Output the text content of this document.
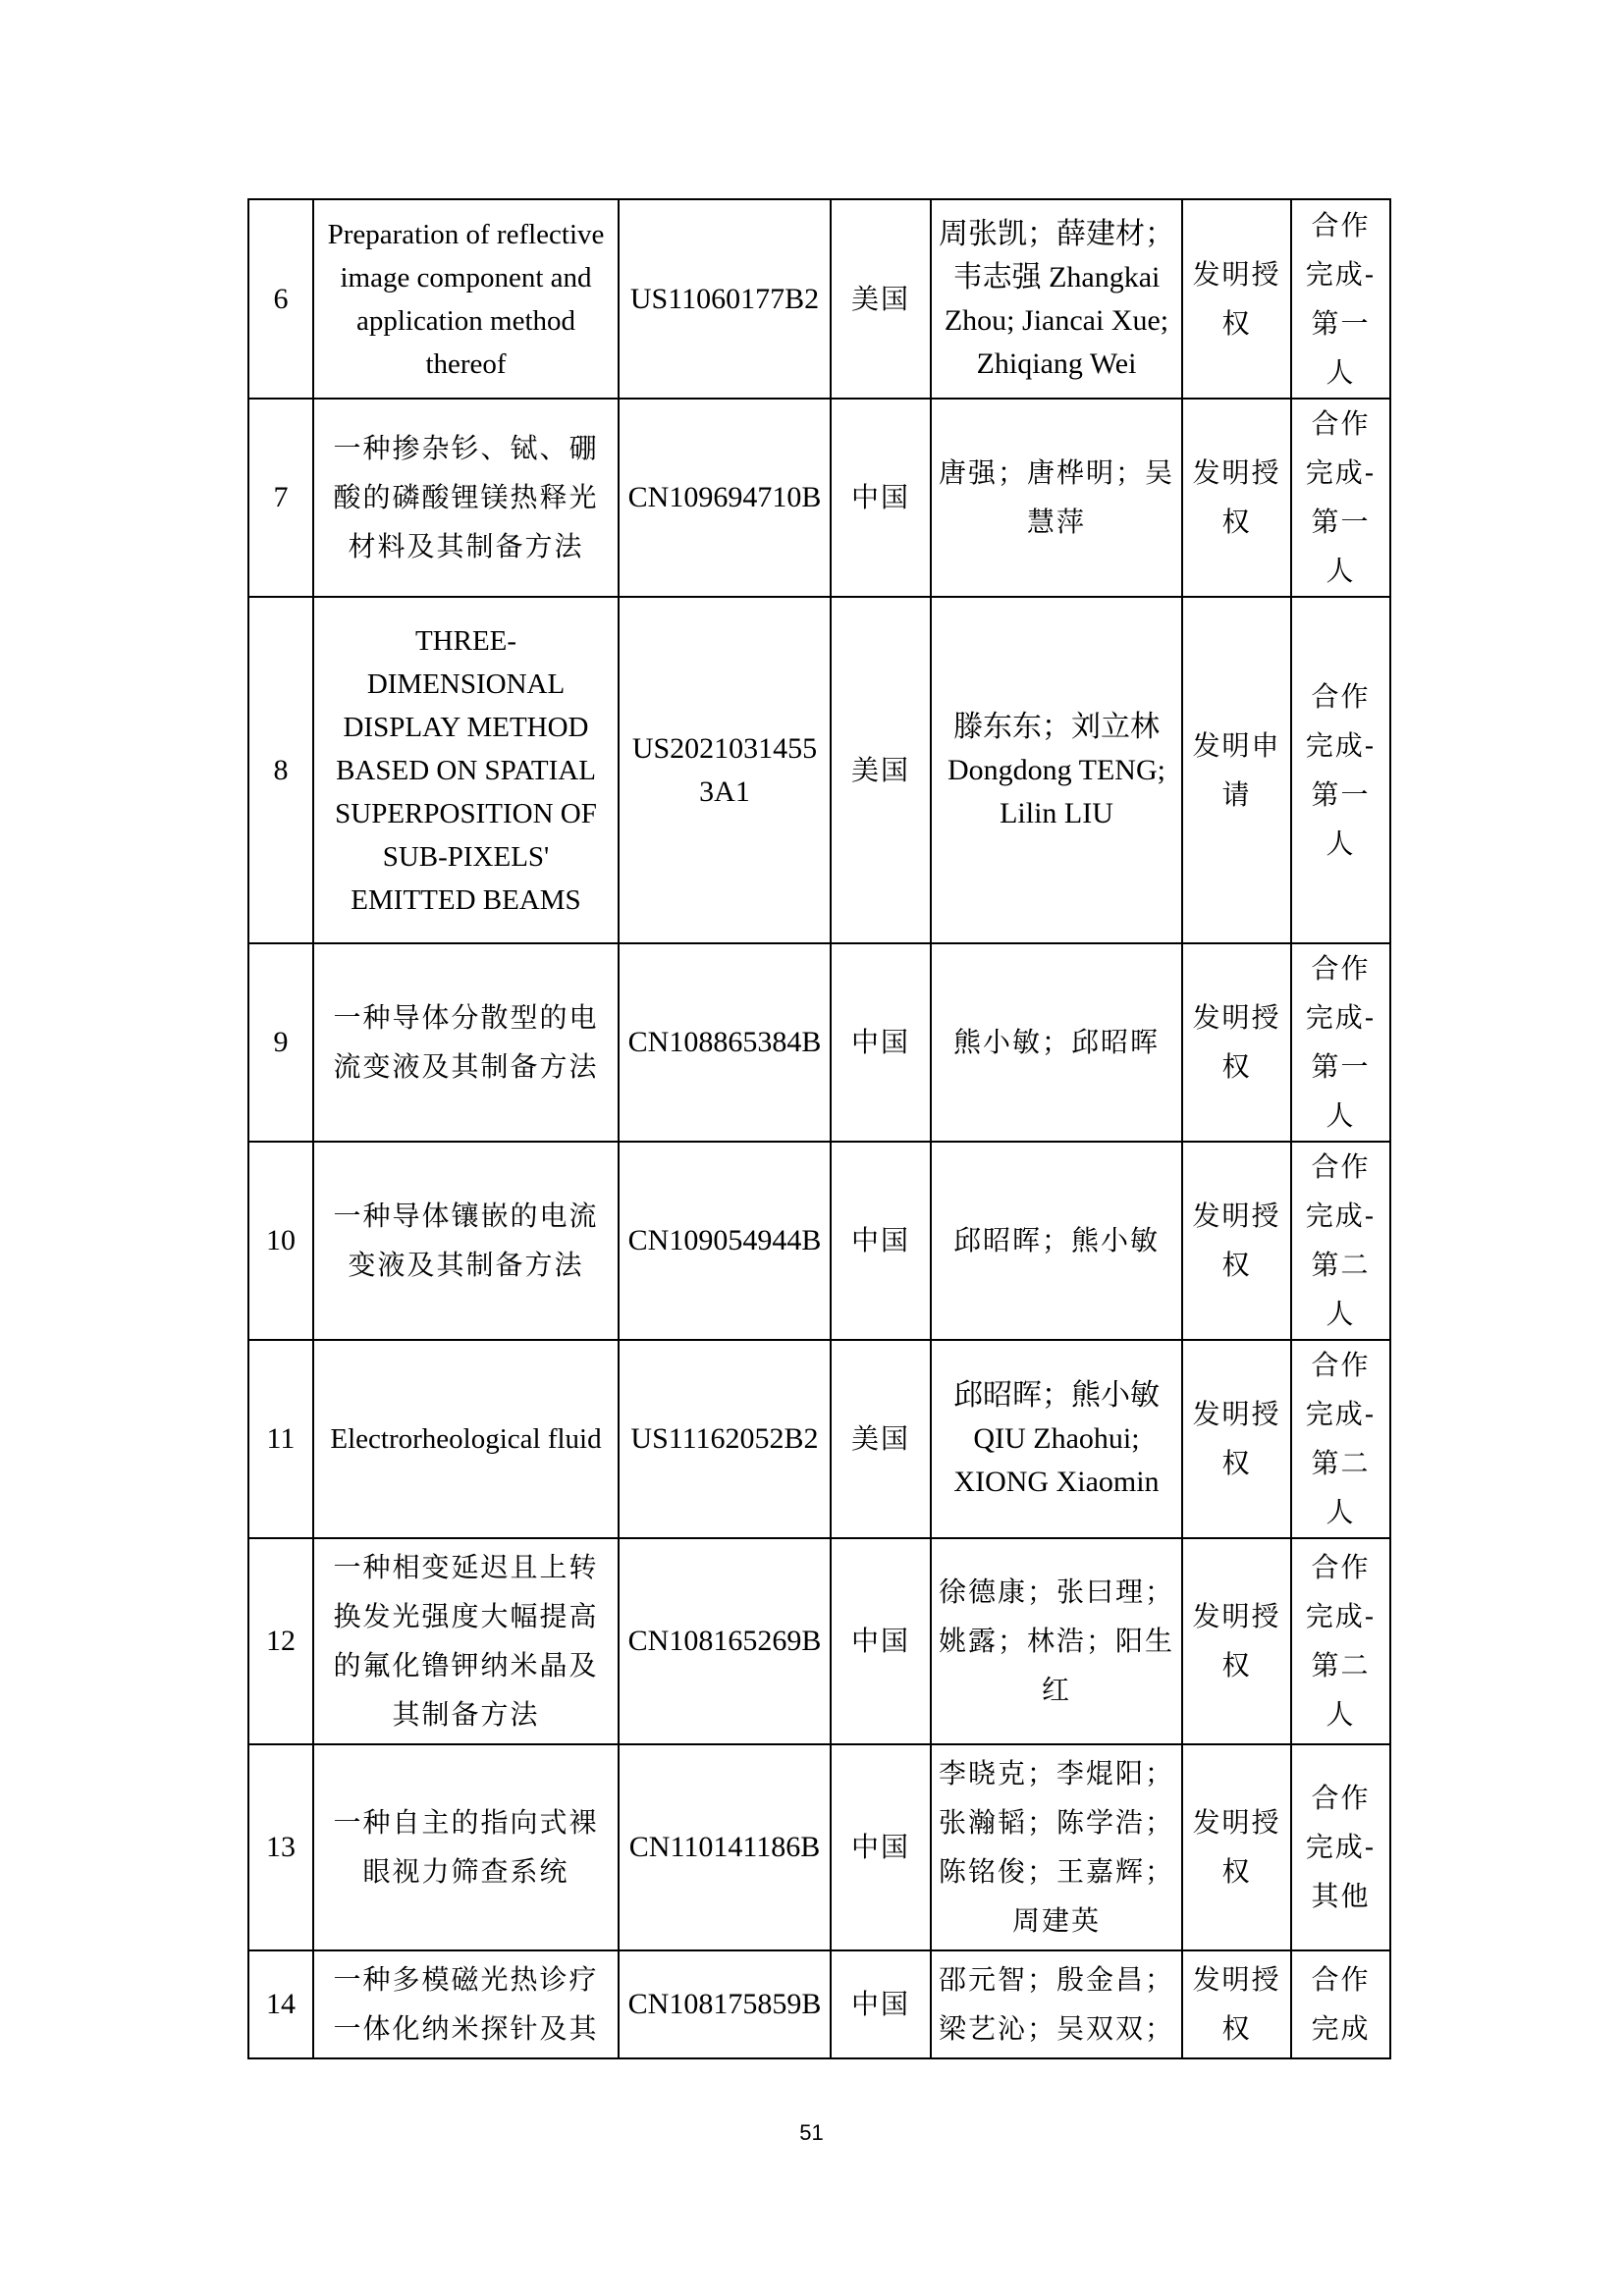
6	Preparation of reflective image component and application method thereof	US11060177B2	美国	周张凯；薛建材；韦志强 Zhangkai Zhou; Jiancai Xue; Zhiqiang Wei	发明授权	合作完成-第一人
7	一种掺杂钐、铽、硼酸的磷酸锂镁热释光材料及其制备方法	CN109694710B	中国	唐强；唐桦明；吴慧萍	发明授权	合作完成-第一人
8	THREE-DIMENSIONAL DISPLAY METHOD BASED ON SPATIAL SUPERPOSITION OF SUB-PIXELS' EMITTED BEAMS	US20210314553A1	美国	滕东东；刘立林 Dongdong TENG; Lilin LIU	发明申请	合作完成-第一人
9	一种导体分散型的电流变液及其制备方法	CN108865384B	中国	熊小敏；邱昭晖	发明授权	合作完成-第一人
10	一种导体镶嵌的电流变液及其制备方法	CN109054944B	中国	邱昭晖；熊小敏	发明授权	合作完成-第二人
11	Electrorheological fluid	US11162052B2	美国	邱昭晖；熊小敏 QIU Zhaohui; XIONG Xiaomin	发明授权	合作完成-第二人
12	一种相变延迟且上转换发光强度大幅提高的氟化镥钾纳米晶及其制备方法	CN108165269B	中国	徐德康；张曰理；姚露；林浩；阳生红	发明授权	合作完成-第二人
13	一种自主的指向式裸眼视力筛查系统	CN110141186B	中国	李晓克；李焜阳；张瀚韬；陈学浩；陈铭俊；王嘉辉；周建英	发明授权	合作完成-其他
14	一种多模磁光热诊疗一体化纳米探针及其	CN108175859B	中国	邵元智；殷金昌；梁艺沁；吴双双；	发明授权	合作完成
51
